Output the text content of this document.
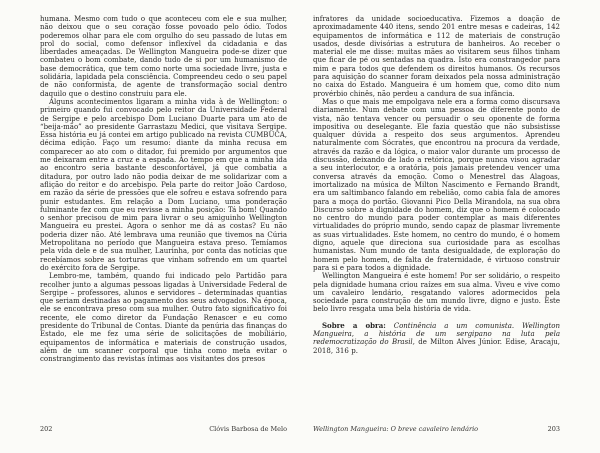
humana. Mesmo com tudo o que aconteceu com ele e sua mulher, não deixou que o seu coração fosse povoado pelo ódio. Todos poderemos olhar para ele com orgulho do seu passado de lutas em prol do social, como defensor inflexível da cidadania e das liberdades ameaçadas. De Wellington Mangueira pode-se dizer que combateu o bom combate, dando tudo de si por um humanismo de base democrática, que tem como norte uma sociedade livre, justa e solidária, lapidada pela consciência. Compreendeu cedo o seu papel de não conformista, de agente de transformação social dentro daquilo que o destino construiu para ele.

Alguns acontecimentos ligaram a minha vida à de Wellington: o primeiro quando fui convocado pelo reitor da Universidade Federal de Sergipe e pelo arcebispo Dom Luciano Duarte para um ato de “beija-mão” ao presidente Garrastazu Medici, que visitava Sergipe. Essa história eu já contei em artigo publicado na revista CUMBUCA, décima edição. Faço um resumo: diante da minha recusa em comparecer ao ato com o ditador, fui premido por argumentos que me deixaram entre a cruz e a espada. Ao tempo em que a minha ida ao encontro seria bastante desconfortável, já que combatia a ditadura, por outro lado não podia deixar de me solidarizar com a aflição do reitor e do arcebispo. Pela parte do reitor João Cardoso, em razão da série de pressões que ele sofreu e estava sofrendo para punir estudantes. Em relação a Dom Luciano, uma ponderação fulminante fez com que eu revisse a minha posição: Tá bom! Quando o senhor precisou de mim para livrar o seu amiguinho Wellington Mangueira eu prestei. Agora o senhor me dá as costas? Eu não poderia dizer não. Até lembrava uma reunião que tivemos na Cúria Metropolitana no período que Mangueira estava preso. Temíamos pela vida dele e de sua mulher, Laurinha, por conta das notícias que recebíamos sobre as torturas que vinham sofrendo em um quartel do exército fora de Sergipe.

Lembro-me, também, quando fui indicado pelo Partidão para recolher junto a algumas pessoas ligadas à Universidade Federal de Sergipe – professores, alunos e servidores – determinadas quantias que seriam destinadas ao pagamento dos seus advogados. Na época, ele se encontrava preso com sua mulher. Outro fato significativo foi recente, ele como diretor da Fundação Renascer e eu como presidente do Tribunal de Contas. Diante da penúria das finanças do Estado, ele me fez uma série de solicitações de mobiliário, equipamentos de informática e materiais de construção usados, além de um scanner corporal que tinha como meta evitar o constrangimento das revistas íntimas aos visitantes dos presos

202	Clóvis Barbosa de Melo

infratores da unidade socioeducativa. Fizemos a doação de aproximadamente 440 itens, sendo 201 entre mesas e cadeiras, 142 equipamentos de informática e 112 de materiais de construção usados, desde divisórias a estrutura de banheiros. Ao receber o material ele me disse: muitas mães ao visitarem seus filhos tinham que ficar de pé ou sentadas na quadra. Isto era constrangedor para mim e para todos que defendem os direitos humanos. Os recursos para aquisição do scanner foram deixados pela nossa administração no caixa do Estado. Mangueira é um homem que, como dito num provérbio chinês, não perdeu a candura de sua infância.

Mas o que mais me empolgava nele era a forma como discursava diariamente. Num debate com uma pessoa de diferente ponto de vista, não tentava vencer ou persuadir o seu oponente de forma impositiva ou deselegante. Ele fazia questão que não subsistisse qualquer dúvida a respeito dos seus argumentos. Aprendeu naturalmente com Sócrates, que encontrou na procura da verdade, através da razão e da lógica, o maior valor durante um processo de discussão, deixando de lado a retórica, porque nunca visou agradar a seu interlocutor, e a oratória, pois jamais pretendeu vencer uma conversa através da emoção. Como o Menestrel das Alagoas, imortalizado na música de Milton Nascimento e Fernando Brandt, era um saltimbanco falando em rebelião, como cabia fala de amores para a moça do portão. Giovanni Pico Della Mirandola, na sua obra Discurso sobre a dignidade do homem, diz que o homem é colocado no centro do mundo para poder contemplar as mais diferentes virtualidades do próprio mundo, sendo capaz de plasmar livremente as suas virtualidades. Este homem, no centro do mundo, é o homem digno, aquele que direciona sua curiosidade para as escolhas humanistas. Num mundo de tanta desigualdade, de exploração do homem pelo homem, de falta de fraternidade, é virtuoso construir para si e para todos a dignidade.

Wellington Mangueira é este homem! Por ser solidário, o respeito pela dignidade humana criou raízes em sua alma. Viveu e vive como um cavaleiro lendário, resgatando valores adormecidos pela sociedade para construção de um mundo livre, digno e justo. Este belo livro resgata uma bela história de vida.

Sobre a obra: Continência a um comunista. Wellington Mangueira, a história de um sergipano na luta pela redemocratização do Brasil, de Milton Alves Júnior. Edise, Aracaju, 2018, 316 p.

Wellington Mangueira: O breve cavaleiro lendário	203
